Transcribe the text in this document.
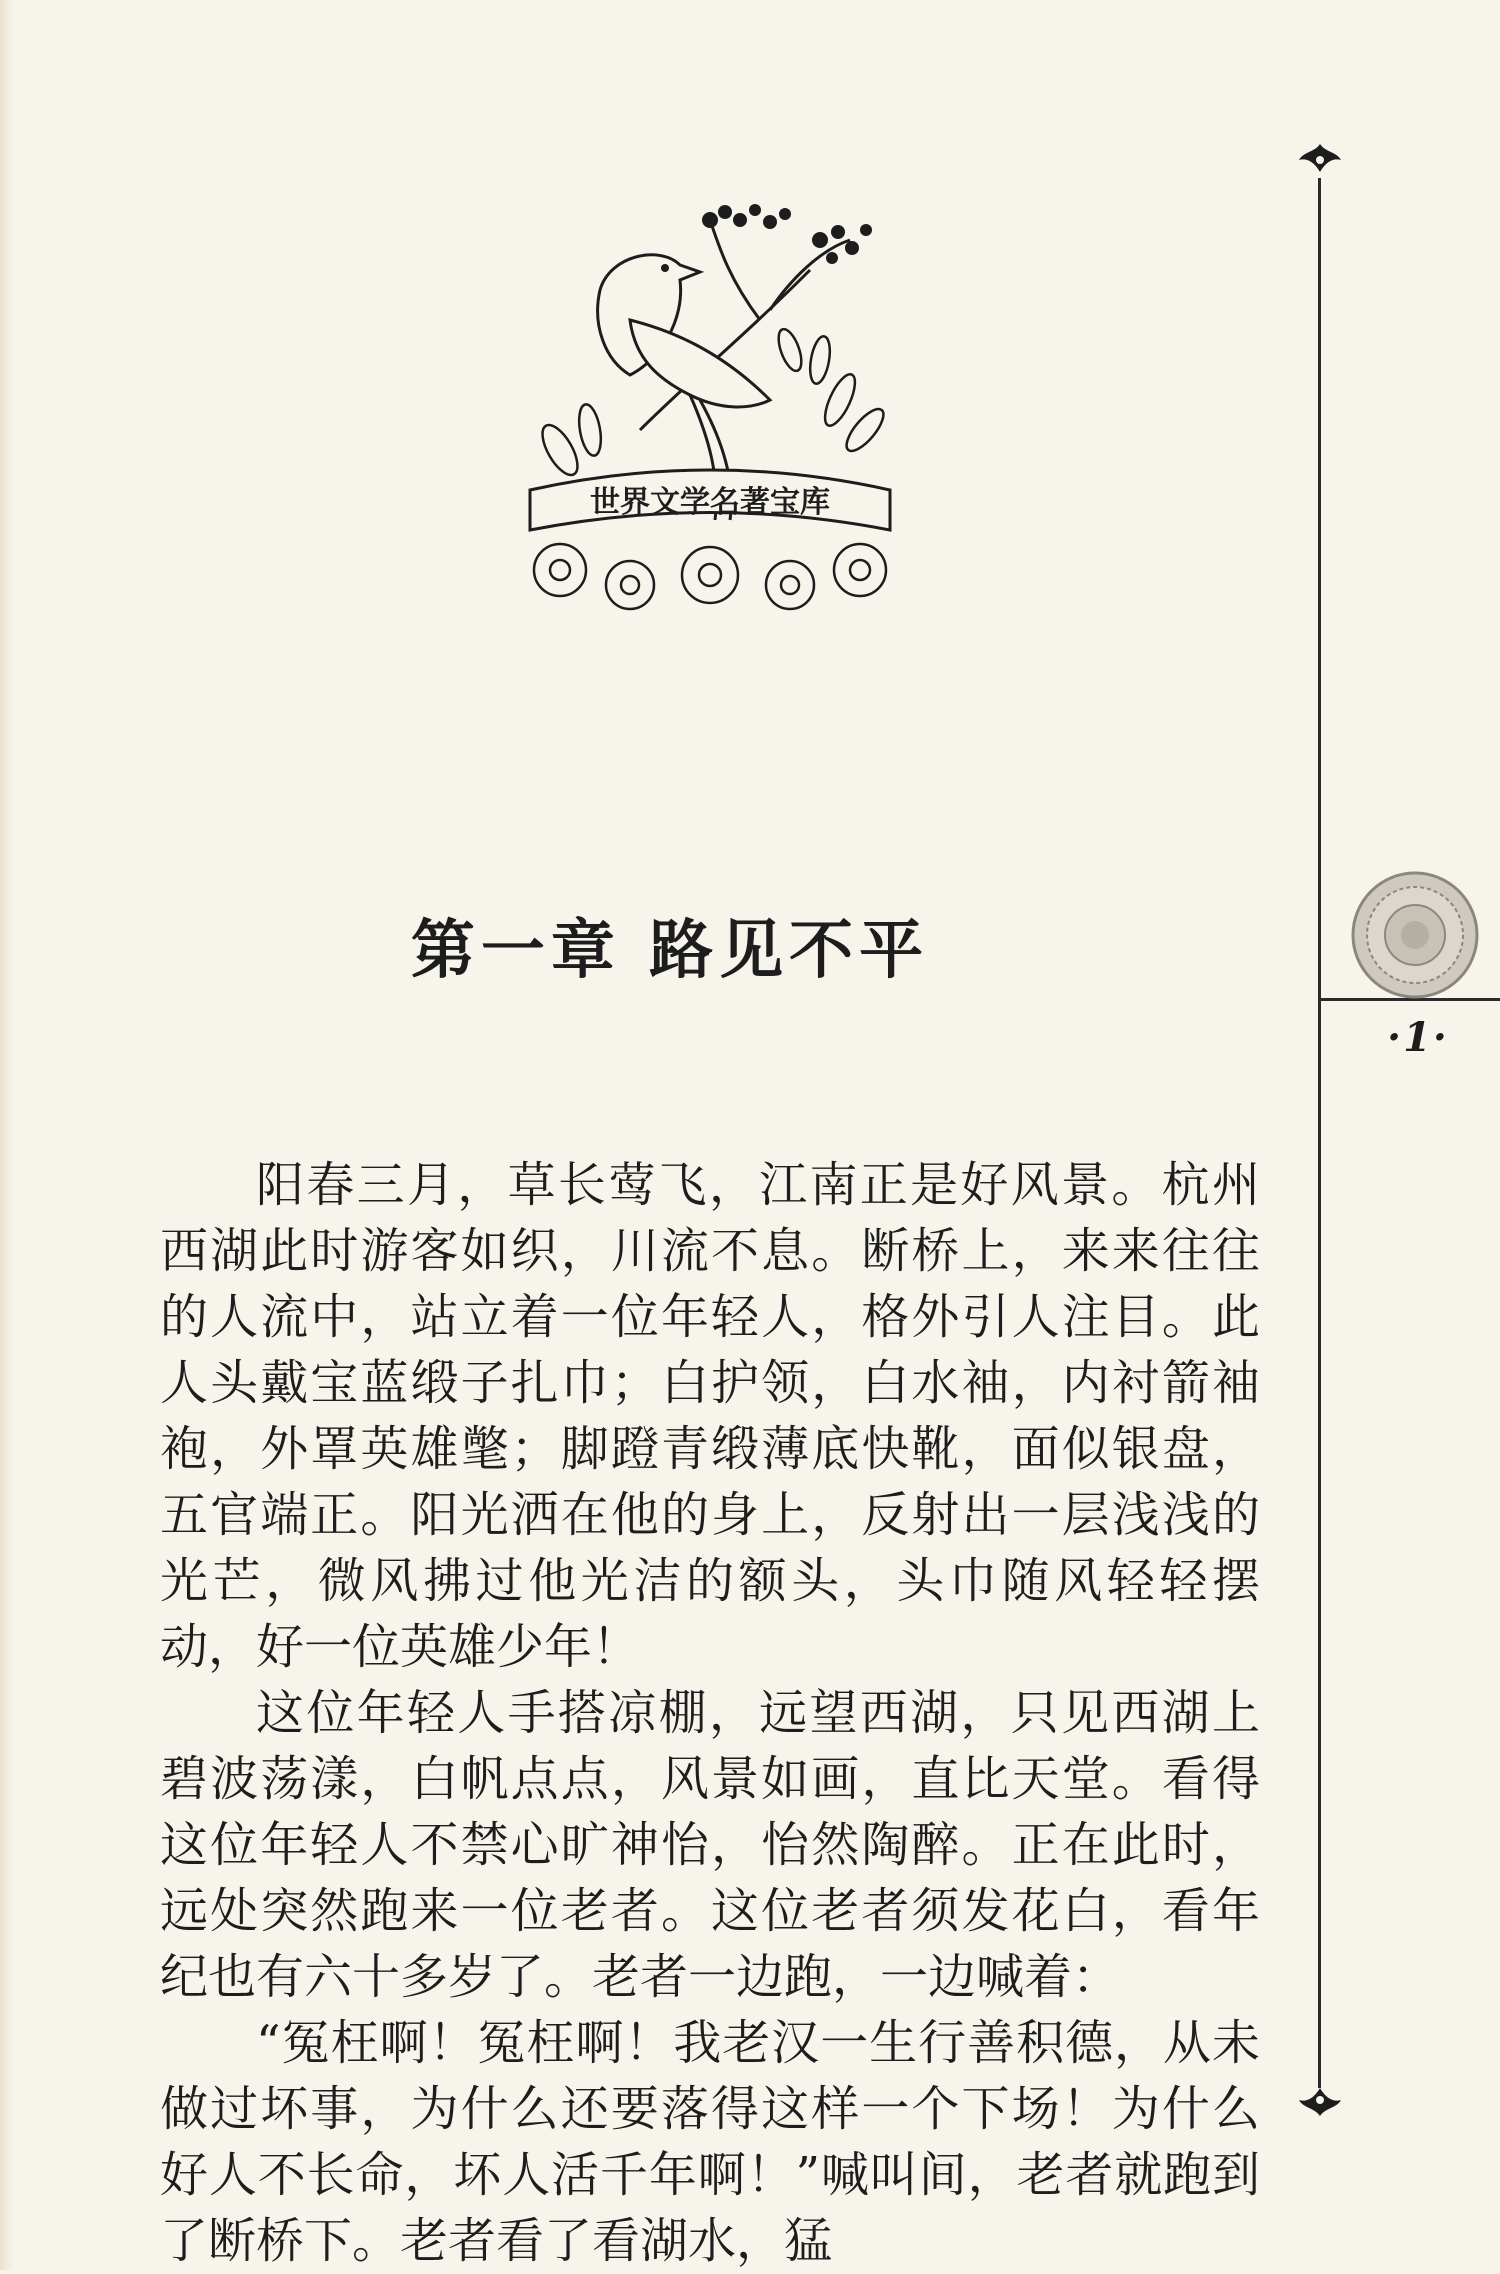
世界文学名著宝库
第一章 路见不平

阳春三月，草长莺飞，江南正是好风景。杭州西湖此时游客如织，川流不息。断桥上，来来往往的人流中，站立着一位年轻人，格外引人注目。此人头戴宝蓝缎子扎巾；白护领，白水袖，内衬箭袖袍，外罩英雄氅；脚蹬青缎薄底快靴，面似银盘，五官端正。阳光洒在他的身上，反射出一层浅浅的光芒，微风拂过他光洁的额头，头巾随风轻轻摆动，好一位英雄少年！

这位年轻人手搭凉棚，远望西湖，只见西湖上碧波荡漾，白帆点点，风景如画，直比天堂。看得这位年轻人不禁心旷神怡，怡然陶醉。正在此时，远处突然跑来一位老者。这位老者须发花白，看年纪也有六十多岁了。老者一边跑，一边喊着：

“冤枉啊！冤枉啊！我老汉一生行善积德，从未做过坏事，为什么还要落得这样一个下场！为什么好人不长命，坏人活千年啊！”喊叫间，老者就跑到了断桥下。老者看了看湖水，猛

·1·
